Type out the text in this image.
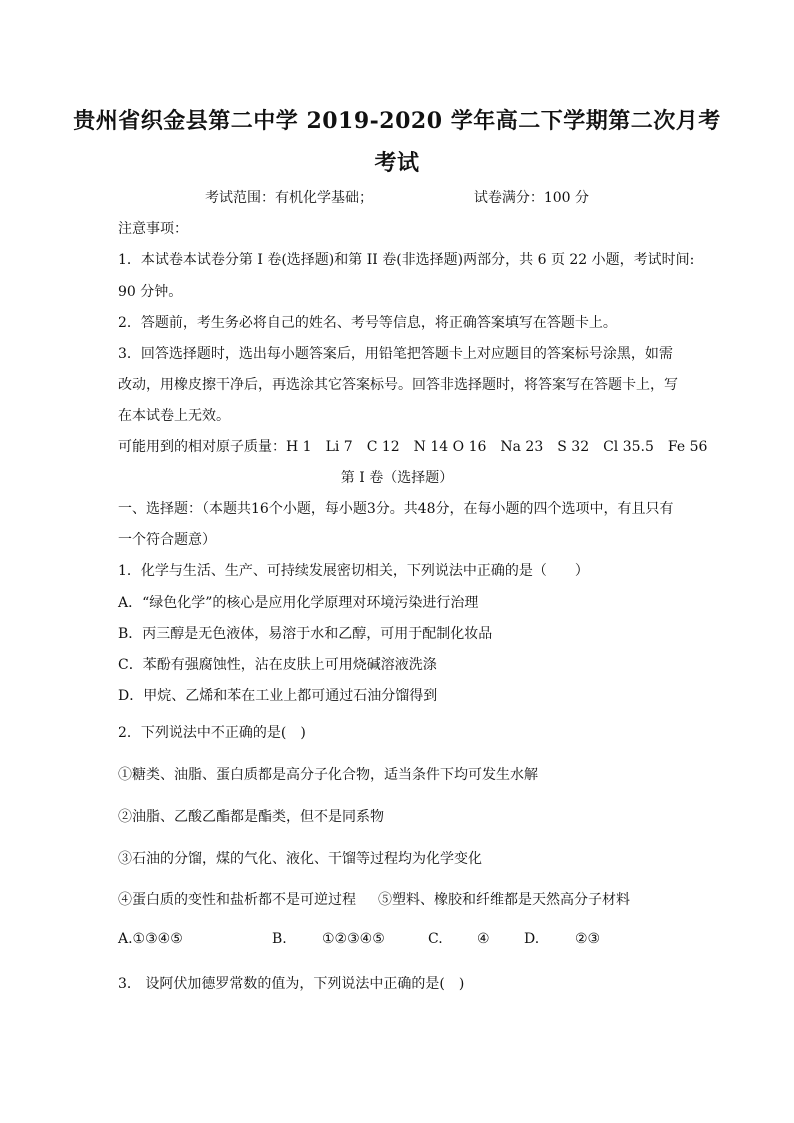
贵州省织金县第二中学 2019-2020 学年高二下学期第二次月考
考试
考试范围：有机化学基础；	试卷满分：100 分
注意事项：
1．本试卷本试卷分第 I 卷(选择题)和第 II 卷(非选择题)两部分，共 6 页 22 小题，考试时间:
90 分钟。
2．答题前，考生务必将自己的姓名、考号等信息，将正确答案填写在答题卡上。
3．回答选择题时，选出每小题答案后，用铅笔把答题卡上对应题目的答案标号涂黑，如需
改动，用橡皮擦干净后，再选涂其它答案标号。回答非选择题时，将答案写在答题卡上，写
在本试卷上无效。
可能用到的相对原子质量：H 1　Li 7　C 12　N 14 O 16　Na 23　S 32　Cl 35.5　Fe 56
第 I 卷（选择题）
一、选择题：（本题共16个小题，每小题3分。共48分，在每小题的四个选项中，有且只有
一个符合题意）
1．化学与生活、生产、可持续发展密切相关，下列说法中正确的是（　　）
A．“绿色化学”的核心是应用化学原理对环境污染进行治理
B．丙三醇是无色液体，易溶于水和乙醇，可用于配制化妆品
C．苯酚有强腐蚀性，沾在皮肤上可用烧碱溶液洗涤
D．甲烷、乙烯和苯在工业上都可通过石油分馏得到
2．下列说法中不正确的是(　)
①糖类、油脂、蛋白质都是高分子化合物，适当条件下均可发生水解
②油脂、乙酸乙酯都是酯类，但不是同系物
③石油的分馏，煤的气化、液化、干馏等过程均为化学变化
④蛋白质的变性和盐析都不是可逆过程 ⑤塑料、橡胶和纤维都是天然高分子材料
A.①③④⑤	B.	①②③④⑤	C. ④ D.	②③
3． 设阿伏加德罗常数的值为，下列说法中正确的是(　)
